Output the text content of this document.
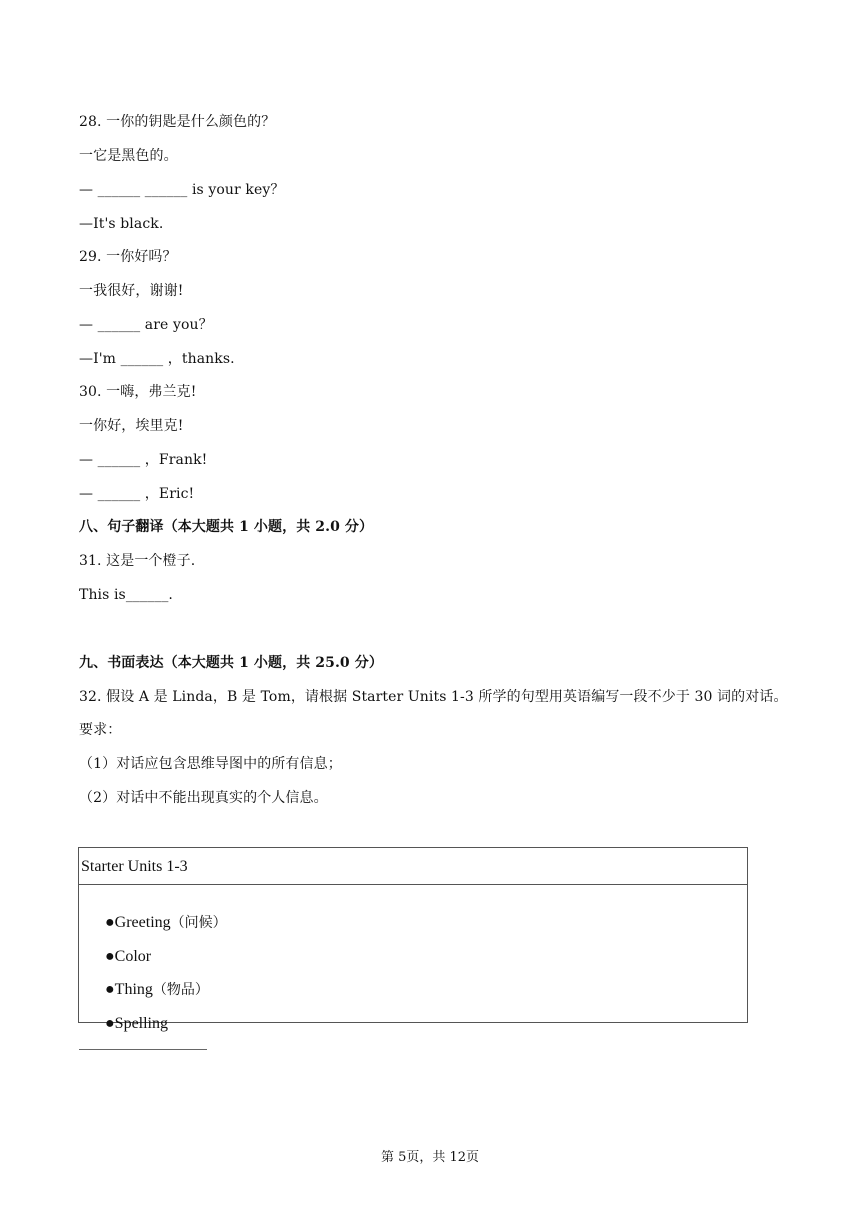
28. 一你的钥匙是什么颜色的？
一它是黑色的。
— ______ ______ is your key？
—It's black.
29. 一你好吗？
一我很好，谢谢!
— ______ are you？
—I'm ______ ，thanks.
30. 一嗨，弗兰克!
一你好，埃里克!
— ______ ，Frank!
— ______ ，Eric!
八、句子翻译（本大题共 1 小题，共 2.0 分）
31. 这是一个橙子.
This is______.
九、书面表达（本大题共 1 小题，共 25.0 分）
32. 假设 A 是 Linda，B 是 Tom，请根据 Starter Units 1-3 所学的句型用英语编写一段不少于 30 词的对话。
要求：
（1）对话应包含思维导图中的所有信息；
（2）对话中不能出现真实的个人信息。
Starter Units 1-3

●Greeting（问候）

●Color

●Thing（物品）

●Spelling

第 5页，共 12页
